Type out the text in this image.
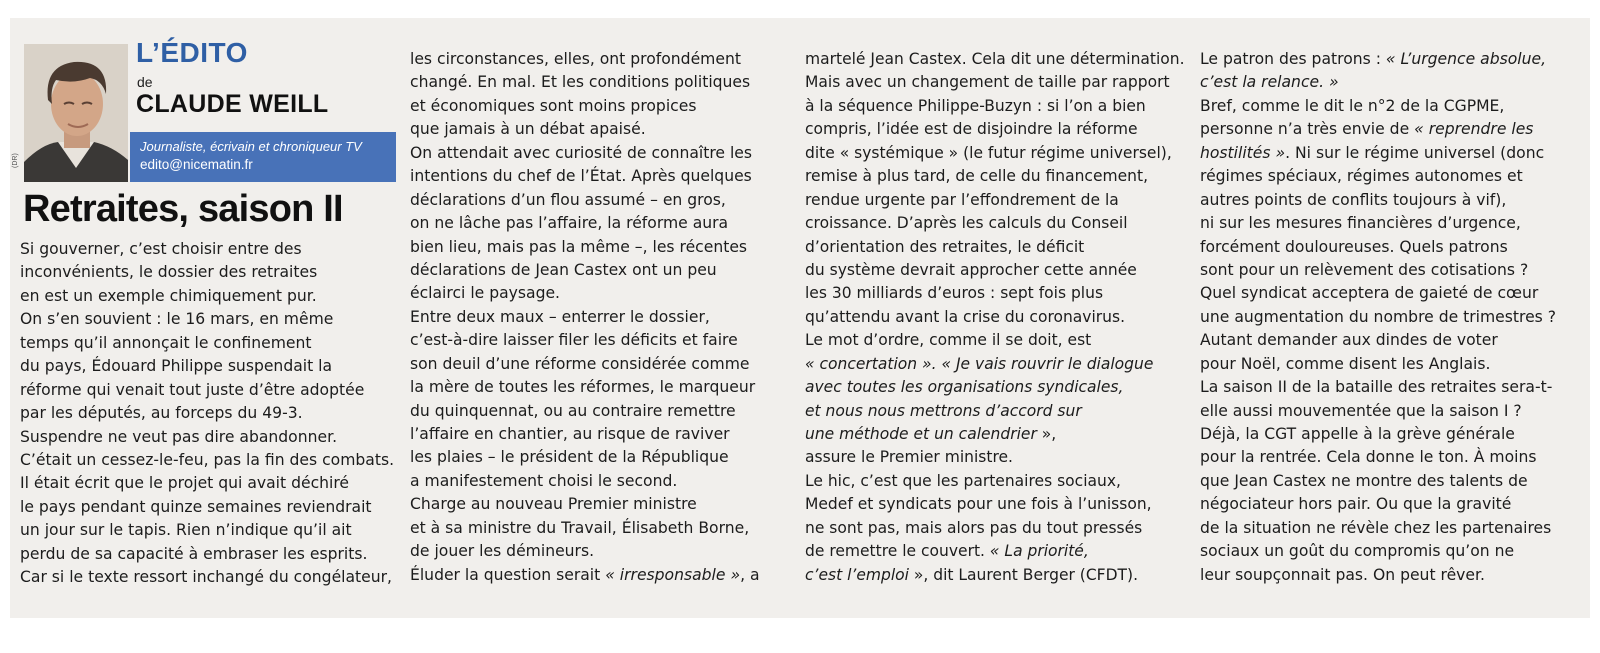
(DR)
L’ÉDITO
de
CLAUDE WEILL
Journaliste, écrivain et chroniqueur TV
edito@nicematin.fr
Retraites, saison II
Si gouverner, c’est choisir entre des
inconvénients, le dossier des retraites
en est un exemple chimiquement pur.
On s’en souvient : le 16 mars, en même
temps qu’il annonçait le confinement
du pays, Édouard Philippe suspendait la
réforme qui venait tout juste d’être adoptée
par les députés, au forceps du 49-3.
Suspendre ne veut pas dire abandonner.
C’était un cessez-le-feu, pas la fin des combats.
Il était écrit que le projet qui avait déchiré
le pays pendant quinze semaines reviendrait
un jour sur le tapis. Rien n’indique qu’il ait
perdu de sa capacité à embraser les esprits.
Car si le texte ressort inchangé du congélateur,
les circonstances, elles, ont profondément
changé. En mal. Et les conditions politiques
et économiques sont moins propices
que jamais à un débat apaisé.
On attendait avec curiosité de connaître les
intentions du chef de l’État. Après quelques
déclarations d’un flou assumé – en gros,
on ne lâche pas l’affaire, la réforme aura
bien lieu, mais pas la même –, les récentes
déclarations de Jean Castex ont un peu
éclairci le paysage.
Entre deux maux – enterrer le dossier,
c’est-à-dire laisser filer les déficits et faire
son deuil d’une réforme considérée comme
la mère de toutes les réformes, le marqueur
du quinquennat, ou au contraire remettre
l’affaire en chantier, au risque de raviver
les plaies – le président de la République
a manifestement choisi le second.
Charge au nouveau Premier ministre
et à sa ministre du Travail, Élisabeth Borne,
de jouer les démineurs.
Éluder la question serait « irresponsable », a
martelé Jean Castex. Cela dit une détermination.
Mais avec un changement de taille par rapport
à la séquence Philippe-Buzyn : si l’on a bien
compris, l’idée est de disjoindre la réforme
dite « systémique » (le futur régime universel),
remise à plus tard, de celle du financement,
rendue urgente par l’effondrement de la
croissance. D’après les calculs du Conseil
d’orientation des retraites, le déficit
du système devrait approcher cette année
les 30 milliards d’euros : sept fois plus
qu’attendu avant la crise du coronavirus.
Le mot d’ordre, comme il se doit, est
« concertation ». « Je vais rouvrir le dialogue
avec toutes les organisations syndicales,
et nous nous mettrons d’accord sur
une méthode et un calendrier »,
assure le Premier ministre.
Le hic, c’est que les partenaires sociaux,
Medef et syndicats pour une fois à l’unisson,
ne sont pas, mais alors pas du tout pressés
de remettre le couvert. « La priorité,
c’est l’emploi », dit Laurent Berger (CFDT).
Le patron des patrons : « L’urgence absolue,
c’est la relance. »
Bref, comme le dit le n°2 de la CGPME,
personne n’a très envie de « reprendre les
hostilités ». Ni sur le régime universel (donc
régimes spéciaux, régimes autonomes et
autres points de conflits toujours à vif),
ni sur les mesures financières d’urgence,
forcément douloureuses. Quels patrons
sont pour un relèvement des cotisations ?
Quel syndicat acceptera de gaieté de cœur
une augmentation du nombre de trimestres ?
Autant demander aux dindes de voter
pour Noël, comme disent les Anglais.
La saison II de la bataille des retraites sera-t-
elle aussi mouvementée que la saison I ?
Déjà, la CGT appelle à la grève générale
pour la rentrée. Cela donne le ton. À moins
que Jean Castex ne montre des talents de
négociateur hors pair. Ou que la gravité
de la situation ne révèle chez les partenaires
sociaux un goût du compromis qu’on ne
leur soupçonnait pas. On peut rêver.
